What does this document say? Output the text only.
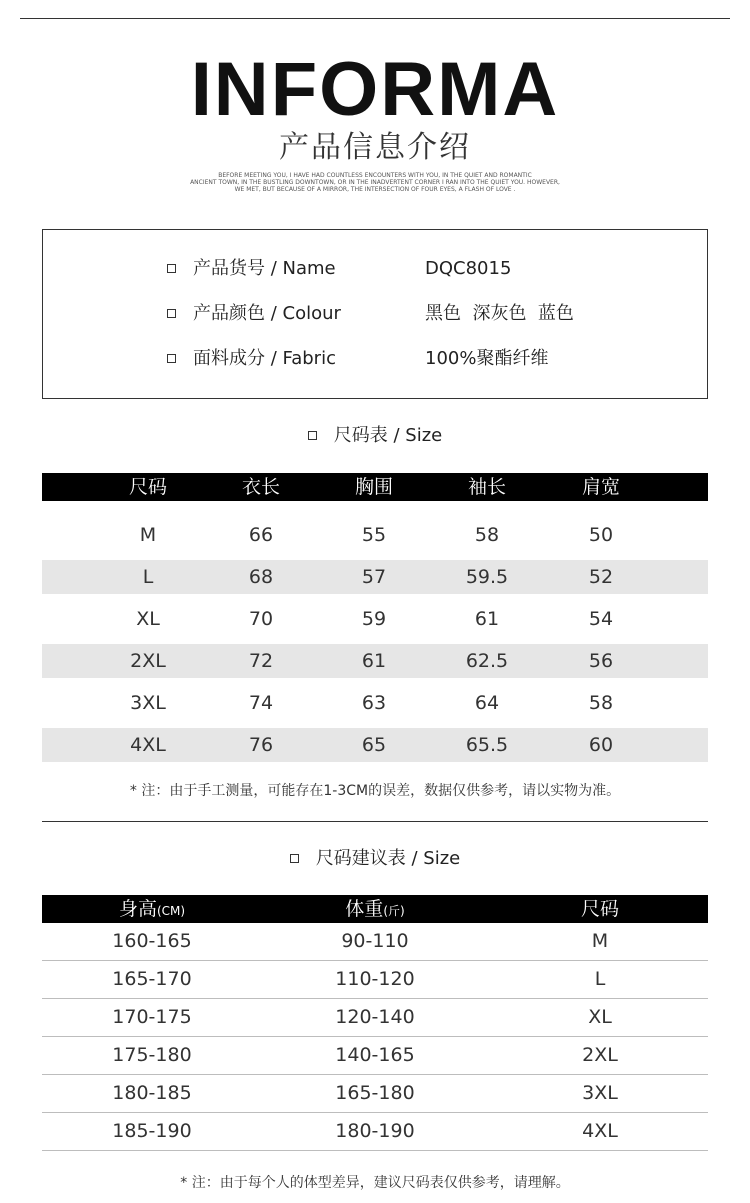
INFORMA
产品信息介绍
BEFORE MEETING YOU, I HAVE HAD COUNTLESS ENCOUNTERS WITH YOU, IN THE QUIET AND ROMANTIC
ANCIENT TOWN, IN THE BUSTLING DOWNTOWN, OR IN THE INADVERTENT CORNER I RAN INTO THE QUIET YOU. HOWEVER,
WE MET, BUT BECAUSE OF A MIRROR, THE INTERSECTION OF FOUR EYES, A FLASH OF LOVE .
产品货号 / Name	DQC8015
产品颜色 / Colour	黑色  深灰色  蓝色
面料成分 / Fabric	100%聚酯纤维
尺码表 / Size
尺码	衣长	胸围	袖长	肩宽
M	66	55	58	50
L	68	57	59.5	52
XL	70	59	61	54
2XL	72	61	62.5	56
3XL	74	63	64	58
4XL	76	65	65.5	60
* 注：由于手工测量，可能存在1-3CM的误差，数据仅供参考，请以实物为准。
尺码建议表 / Size
身高(CM)	体重(斤)	尺码
160-165	90-110	M
165-170	110-120	L
170-175	120-140	XL
175-180	140-165	2XL
180-185	165-180	3XL
185-190	180-190	4XL
* 注：由于每个人的体型差异，建议尺码表仅供参考，请理解。
